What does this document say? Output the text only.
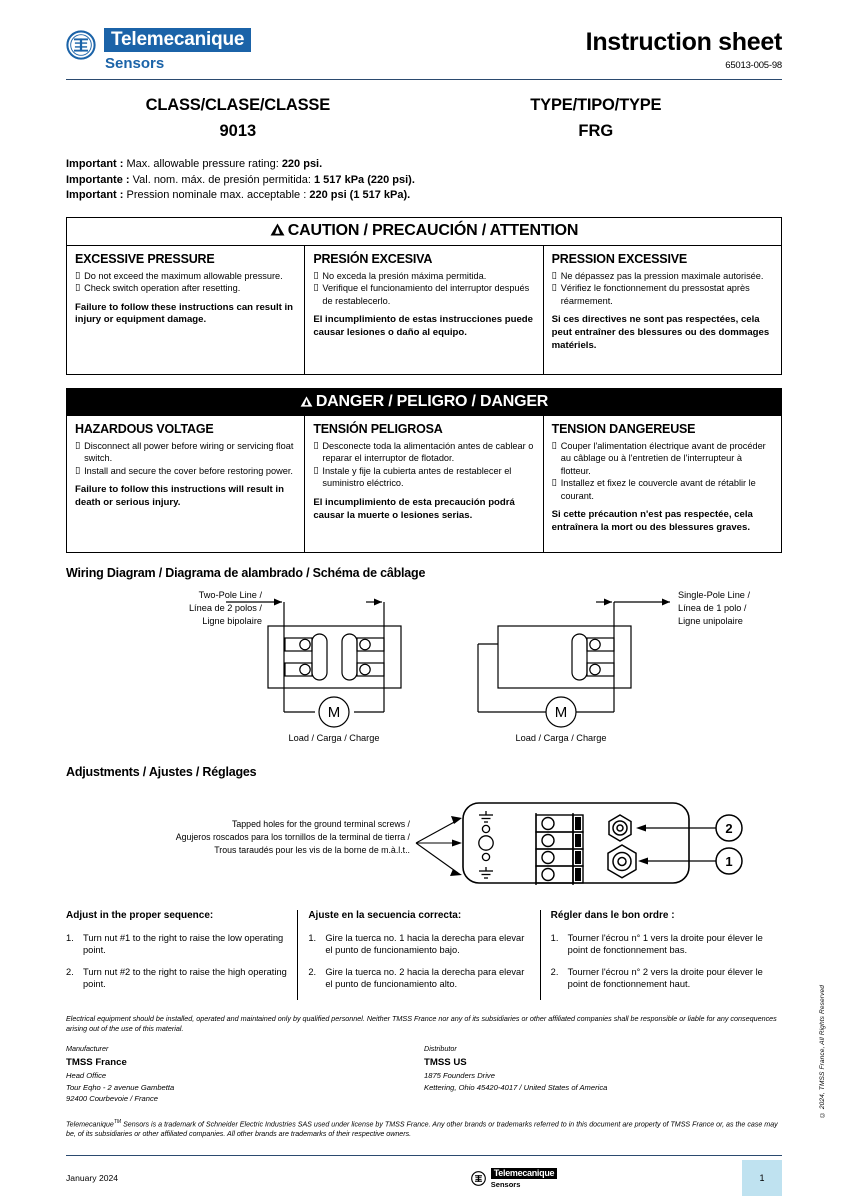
Telemecanique
Sensors
Instruction sheet
65013-005-98
CLASS/CLASE/CLASSE
9013
TYPE/TIPO/TYPE
FRG
Important : Max. allowable pressure rating: 220 psi.
Importante : Val. nom. máx. de presión permitida: 1 517 kPa (220 psi).
Important : Pression nominale max. acceptable : 220 psi (1 517 kPa).
CAUTION / PRECAUCIÓN / ATTENTION
EXCESSIVE PRESSURE
▯ Do not exceed the maximum allowable pressure.
▯ Check switch operation after resetting.
Failure to follow these instructions can result in injury or equipment damage.
PRESIÓN EXCESIVA
▯ No exceda la presión máxima permitida.
▯ Verifique el funcionamiento del interruptor después de restablecerlo.
El incumplimiento de estas instrucciones puede causar lesiones o daño al equipo.
PRESSION EXCESSIVE
▯ Ne dépassez pas la pression maximale autorisée.
▯ Vérifiez le fonctionnement du pressostat après réarmement.
Si ces directives ne sont pas respectées, cela peut entraîner des blessures ou des dommages matériels.
DANGER / PELIGRO / DANGER
HAZARDOUS VOLTAGE
▯ Disconnect all power before wiring or servicing float switch.
▯ Install and secure the cover before restoring power.
Failure to follow this instructions will result in death or serious injury.
TENSIÓN PELIGROSA
▯ Desconecte toda la alimentación antes de cablear o reparar el interruptor de flotador.
▯ Instale y fije la cubierta antes de restablecer el suministro eléctrico.
El incumplimiento de esta precaución podrá causar la muerte o lesiones serias.
TENSION DANGEREUSE
▯ Couper l'alimentation électrique avant de procéder au câblage ou à l'entretien de l'interrupteur à flotteur.
▯ Installez et fixez le couvercle avant de rétablir le courant.
Si cette précaution n'est pas respectée, cela entraînera la mort ou des blessures graves.
Wiring Diagram / Diagrama de alambrado / Schéma de câblage
M	M
Two-Pole Line /
Línea de 2 polos /
Ligne bipolaire
Single-Pole Line /
Línea de 1 polo /
Ligne unipolaire
Load / Carga / Charge	Load / Carga / Charge
Adjustments / Ajustes / Réglages
2
1
Tapped holes for the ground terminal screws /
Agujeros roscados para los tornillos de la terminal de tierra /
Trous taraudés pour les vis de la borne de m.à.l.t..
Adjust in the proper sequence:
1. Turn nut #1 to the right to raise the low operating point.
2. Turn nut #2 to the right to raise the high operating point.
Ajuste en la secuencia correcta:
1. Gire la tuerca no. 1 hacia la derecha para elevar el punto de funcionamiento bajo.
2. Gire la tuerca no. 2 hacia la derecha para elevar el punto de funcionamiento alto.
Régler dans le bon ordre :
1. Tourner l'écrou n° 1 vers la droite pour élever le point de fonctionnement bas.
2. Tourner l'écrou n° 2 vers la droite pour élever le point de fonctionnement haut.
Electrical equipment should be installed, operated and maintained only by qualified personnel. Neither TMSS France nor any of its subsidiaries or other affiliated companies shall be responsible or liable for any consequences arising out of the use of this material.
Manufacturer	Distributor
TMSS France
Head Office
Tour Eqho - 2 avenue Gambetta
92400 Courbevoie / France
TMSS US
1875 Founders Drive
Kettering, Ohio 45420-4017 / United States of America
Telemecanique™ Sensors is a trademark of Schneider Electric Industries SAS used under license by TMSS France. Any other brands or trademarks referred to in this document are property of TMSS France or, as the case may be, of its subsidiaries or other affiliated companies. All other brands are trademarks of their respective owners.
© 2024, TMSS France, All Rights Reserved
January 2024
Telemecanique
Sensors
1
